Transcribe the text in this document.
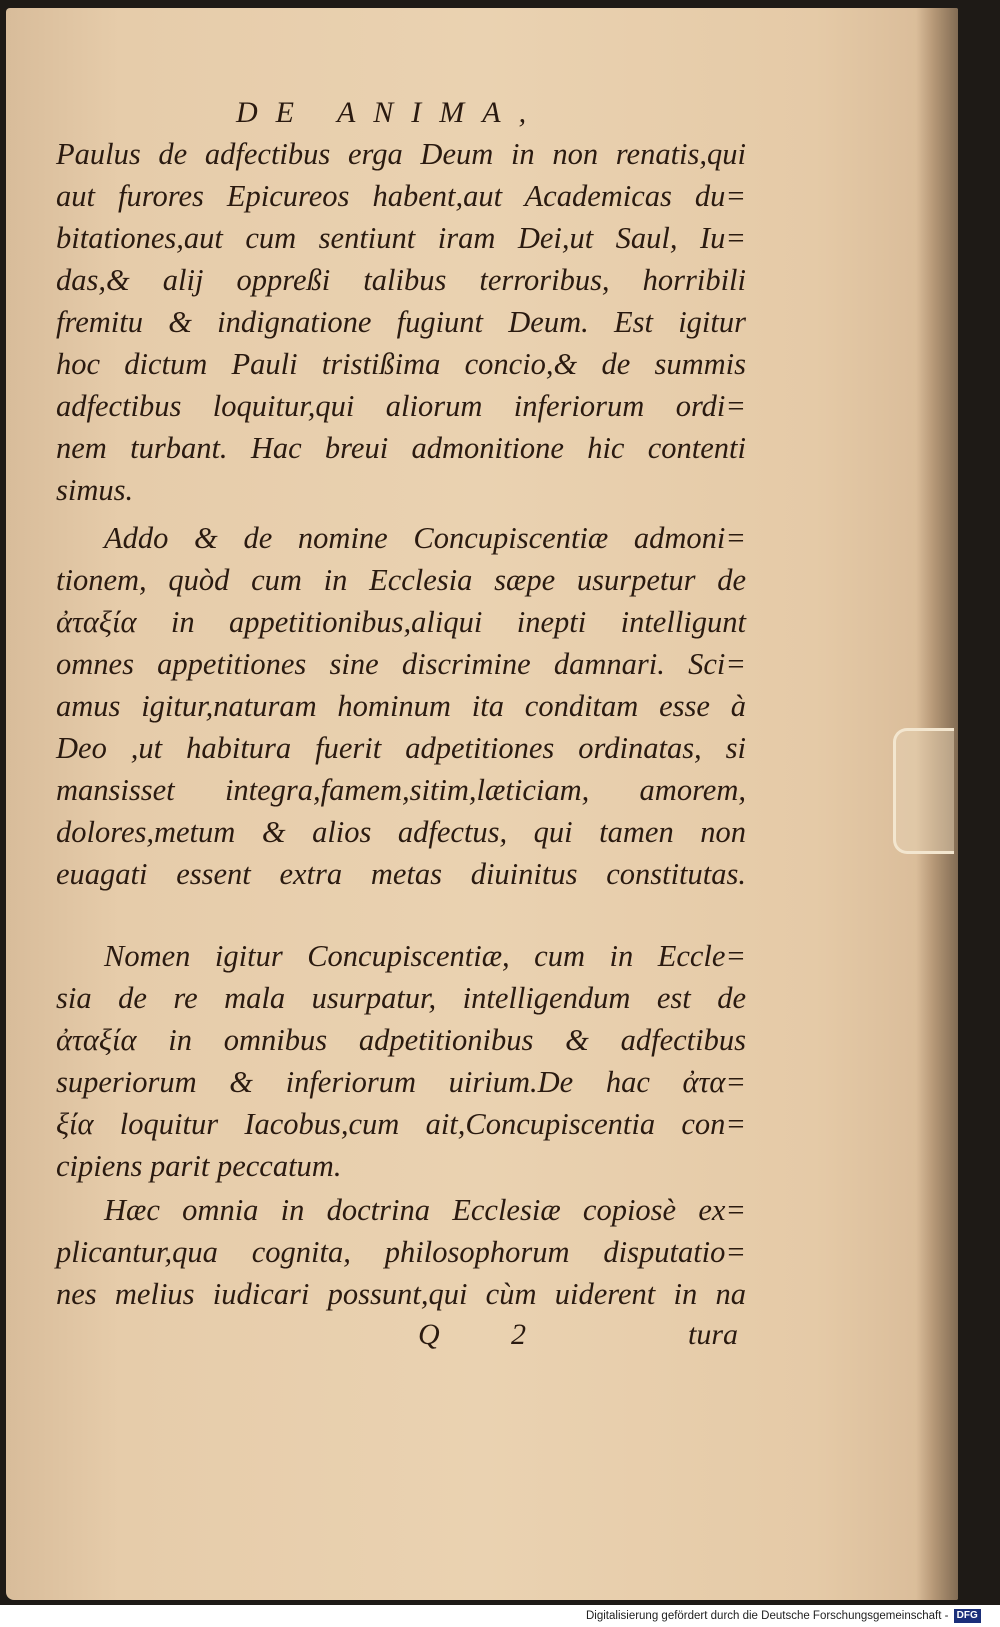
DE ANIMA,
Paulus de adfectibus erga Deum in non renatis,qui
aut furores Epicureos habent,aut Academicas du=
bitationes,aut cum sentiunt iram Dei,ut Saul, Iu=
das,& alij oppreßi talibus terroribus, horribili
fremitu & indignatione fugiunt Deum. Est igitur
hoc dictum Pauli tristißima concio,& de summis
adfectibus loquitur,qui aliorum inferiorum ordi=
nem turbant. Hac breui admonitione hic contenti
simus.
Addo & de nomine Concupiscentiæ admoni=
tionem, quòd cum in Ecclesia sæpe usurpetur de
ἀταξία in appetitionibus,aliqui inepti intelligunt
omnes appetitiones sine discrimine damnari. Sci=
amus igitur,naturam hominum ita conditam esse à
Deo ,ut habitura fuerit adpetitiones ordinatas, si
mansisset integra,famem,sitim,læticiam, amorem,
dolores,metum & alios adfectus, qui tamen non
euagati essent extra metas diuinitus constitutas.
Nomen igitur Concupiscentiæ, cum in Eccle=
sia de re mala usurpatur, intelligendum est de
ἀταξία in omnibus adpetitionibus & adfectibus
superiorum & inferiorum uirium.De hac ἀτα=
ξία loquitur Iacobus,cum ait,Concupiscentia con=
cipiens parit peccatum.
Hæc omnia in doctrina Ecclesiæ copiosè ex=
plicantur,qua cognita, philosophorum disputatio=
nes melius iudicari possunt,qui cùm uiderent in na
Q 2	tura
Digitalisierung gefördert durch die Deutsche Forschungsgemeinschaft - DFG
